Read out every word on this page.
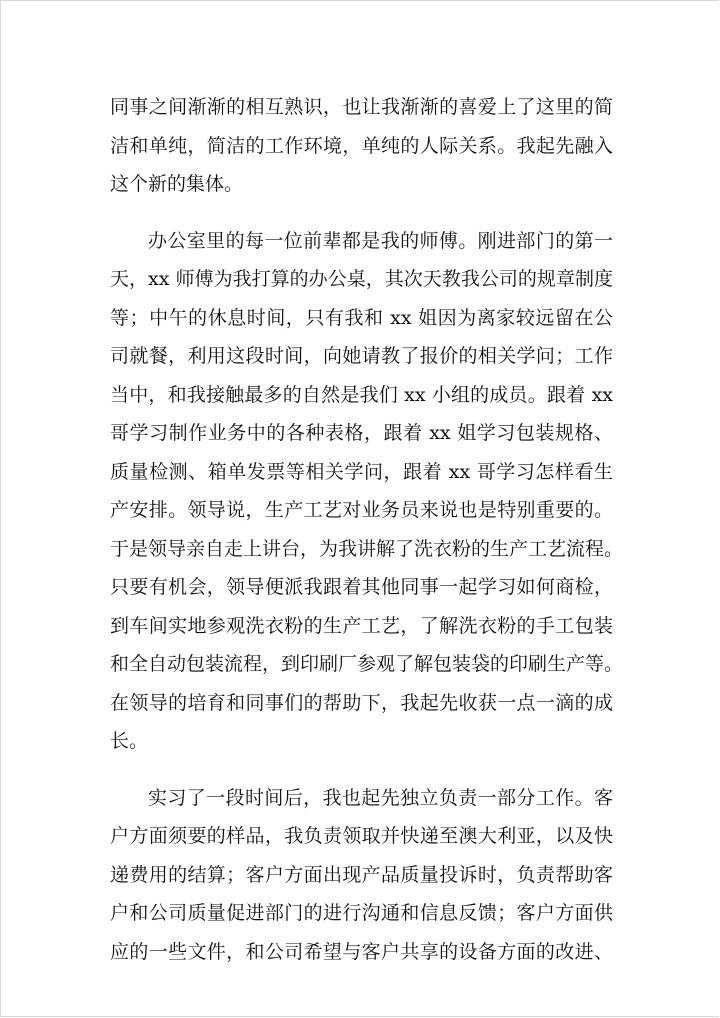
同事之间渐渐的相互熟识，也让我渐渐的喜爱上了这里的简
洁和单纯，简洁的工作环境，单纯的人际关系。我起先融入
这个新的集体。
办公室里的每一位前辈都是我的师傅。刚进部门的第一
天，xx 师傅为我打算的办公桌，其次天教我公司的规章制度
等；中午的休息时间，只有我和 xx 姐因为离家较远留在公
司就餐，利用这段时间，向她请教了报价的相关学问；工作
当中，和我接触最多的自然是我们 xx 小组的成员。跟着 xx
哥学习制作业务中的各种表格，跟着 xx 姐学习包装规格、
质量检测、箱单发票等相关学问，跟着 xx 哥学习怎样看生
产安排。领导说，生产工艺对业务员来说也是特别重要的。
于是领导亲自走上讲台，为我讲解了洗衣粉的生产工艺流程。
只要有机会，领导便派我跟着其他同事一起学习如何商检，
到车间实地参观洗衣粉的生产工艺，了解洗衣粉的手工包装
和全自动包装流程，到印刷厂参观了解包装袋的印刷生产等。
在领导的培育和同事们的帮助下，我起先收获一点一滴的成
长。
实习了一段时间后，我也起先独立负责一部分工作。客
户方面须要的样品，我负责领取并快递至澳大利亚，以及快
递费用的结算；客户方面出现产品质量投诉时，负责帮助客
户和公司质量促进部门的进行沟通和信息反馈；客户方面供
应的一些文件，和公司希望与客户共享的设备方面的改进、
